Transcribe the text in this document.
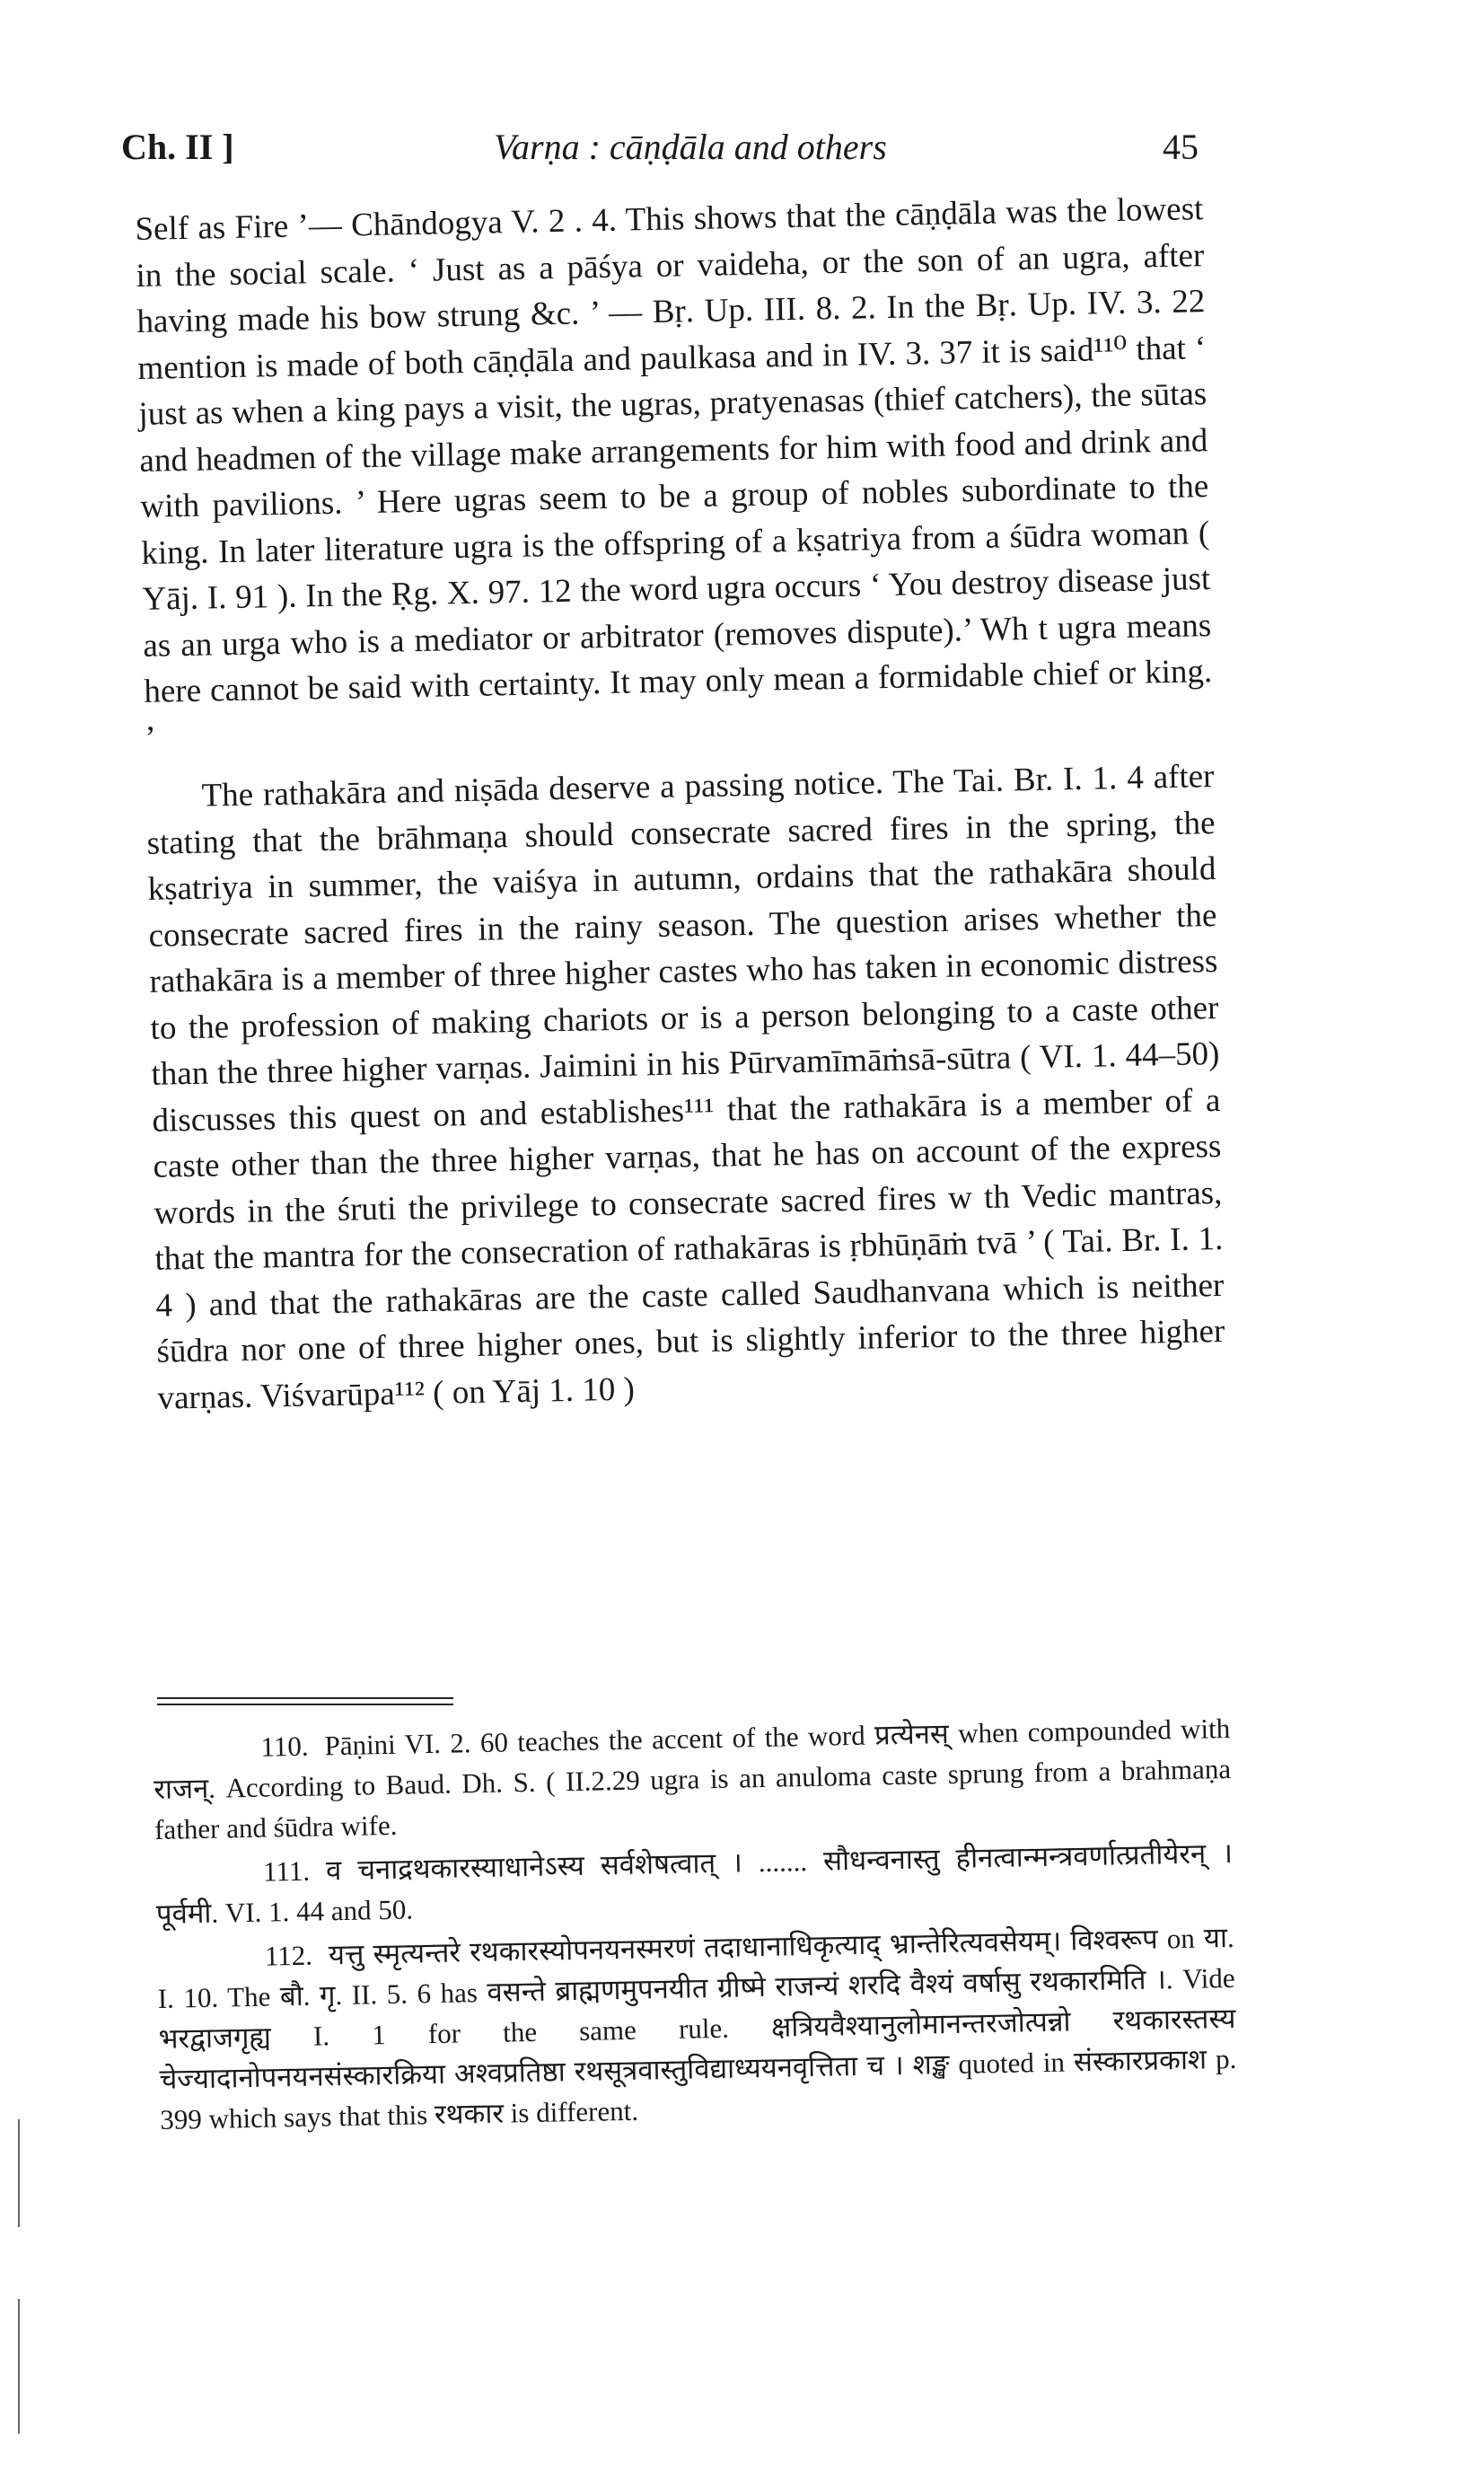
Ch. II ]	Varṇa : cāṇḍāla and others	45

Self as Fire ’— Chāndogya V. 2 . 4. This shows that the cāṇḍāla was the lowest in the social scale. ‘ Just as a pāśya or vaideha, or the son of an ugra, after having made his bow strung &c. ’ — Bṛ. Up. III. 8. 2. In the Bṛ. Up. IV. 3. 22 mention is made of both cāṇḍāla and paulkasa and in IV. 3. 37 it is said¹¹⁰ that ‘ just as when a king pays a visit, the ugras, pratyenasas (thief catchers), the sūtas and headmen of the village make arrangements for him with food and drink and with pavilions. ’ Here ugras seem to be a group of nobles subordinate to the king. In later literature ugra is the offspring of a kṣatriya from a śūdra woman ( Yāj. I. 91 ). In the Ṛg. X. 97. 12 the word ugra occurs ‘ You destroy disease just as an urga who is a mediator or arbitrator (removes dispute).’ Wh t ugra means here cannot be said with certainty. It may only mean a formidable chief or king. ’

The rathakāra and niṣāda deserve a passing notice. The Tai. Br. I. 1. 4 after stating that the brāhmaṇa should consecrate sacred fires in the spring, the kṣatriya in summer, the vaiśya in autumn, ordains that the rathakāra should consecrate sacred fires in the rainy season. The question arises whether the rathakāra is a member of three higher castes who has taken in economic distress to the profession of making chariots or is a person belonging to a caste other than the three higher varṇas. Jaimini in his Pūrvamīmāṁsā-sūtra ( VI. 1. 44–50) discusses this quest on and establishes¹¹¹ that the rathakāra is a member of a caste other than the three higher varṇas, that he has on account of the express words in the śruti the privilege to consecrate sacred fires w th Vedic mantras, that the mantra for the consecration of rathakāras is ṛbhūṇāṁ tvā ’ ( Tai. Br. I. 1. 4 ) and that the rathakāras are the caste called Saudhanvana which is neither śūdra nor one of three higher ones, but is slightly inferior to the three higher varṇas. Viśvarūpa¹¹² ( on Yāj 1. 10 )

110. Pāṇini VI. 2. 60 teaches the accent of the word प्रत्येनस् when compounded with राजन्. According to Baud. Dh. S. ( II.2.29 ugra is an anuloma caste sprung from a brahmaṇa father and śūdra wife.

111. व चनाद्रथकारस्याधानेऽस्य सर्वशेषत्वात् । ....... सौधन्वनास्तु हीनत्वान्मन्त्रवर्णात्प्रतीयेरन् । पूर्वमी. VI. 1. 44 and 50.

112. यत्तु स्मृत्यन्तरे रथकारस्योपनयनस्मरणं तदाधानाधिकृत्याद् भ्रान्तेरित्यवसेयम्। विश्वरूप on या. I. 10. The बौ. गृ. II. 5. 6 has वसन्ते ब्राह्मणमुपनयीत ग्रीष्मे राजन्यं शरदि वैश्यं वर्षासु रथकारमिति ।. Vide भरद्वाजगृह्य I. 1 for the same rule. क्षत्रियवैश्यानुलोमानन्तरजोत्पन्नो रथकारस्तस्य चेज्यादानोपनयनसंस्कारक्रिया अश्वप्रतिष्ठा रथसूत्रवास्तुविद्याध्ययनवृत्तिता च । शङ्ख quoted in संस्कारप्रकाश p. 399 which says that this रथकार is different.
